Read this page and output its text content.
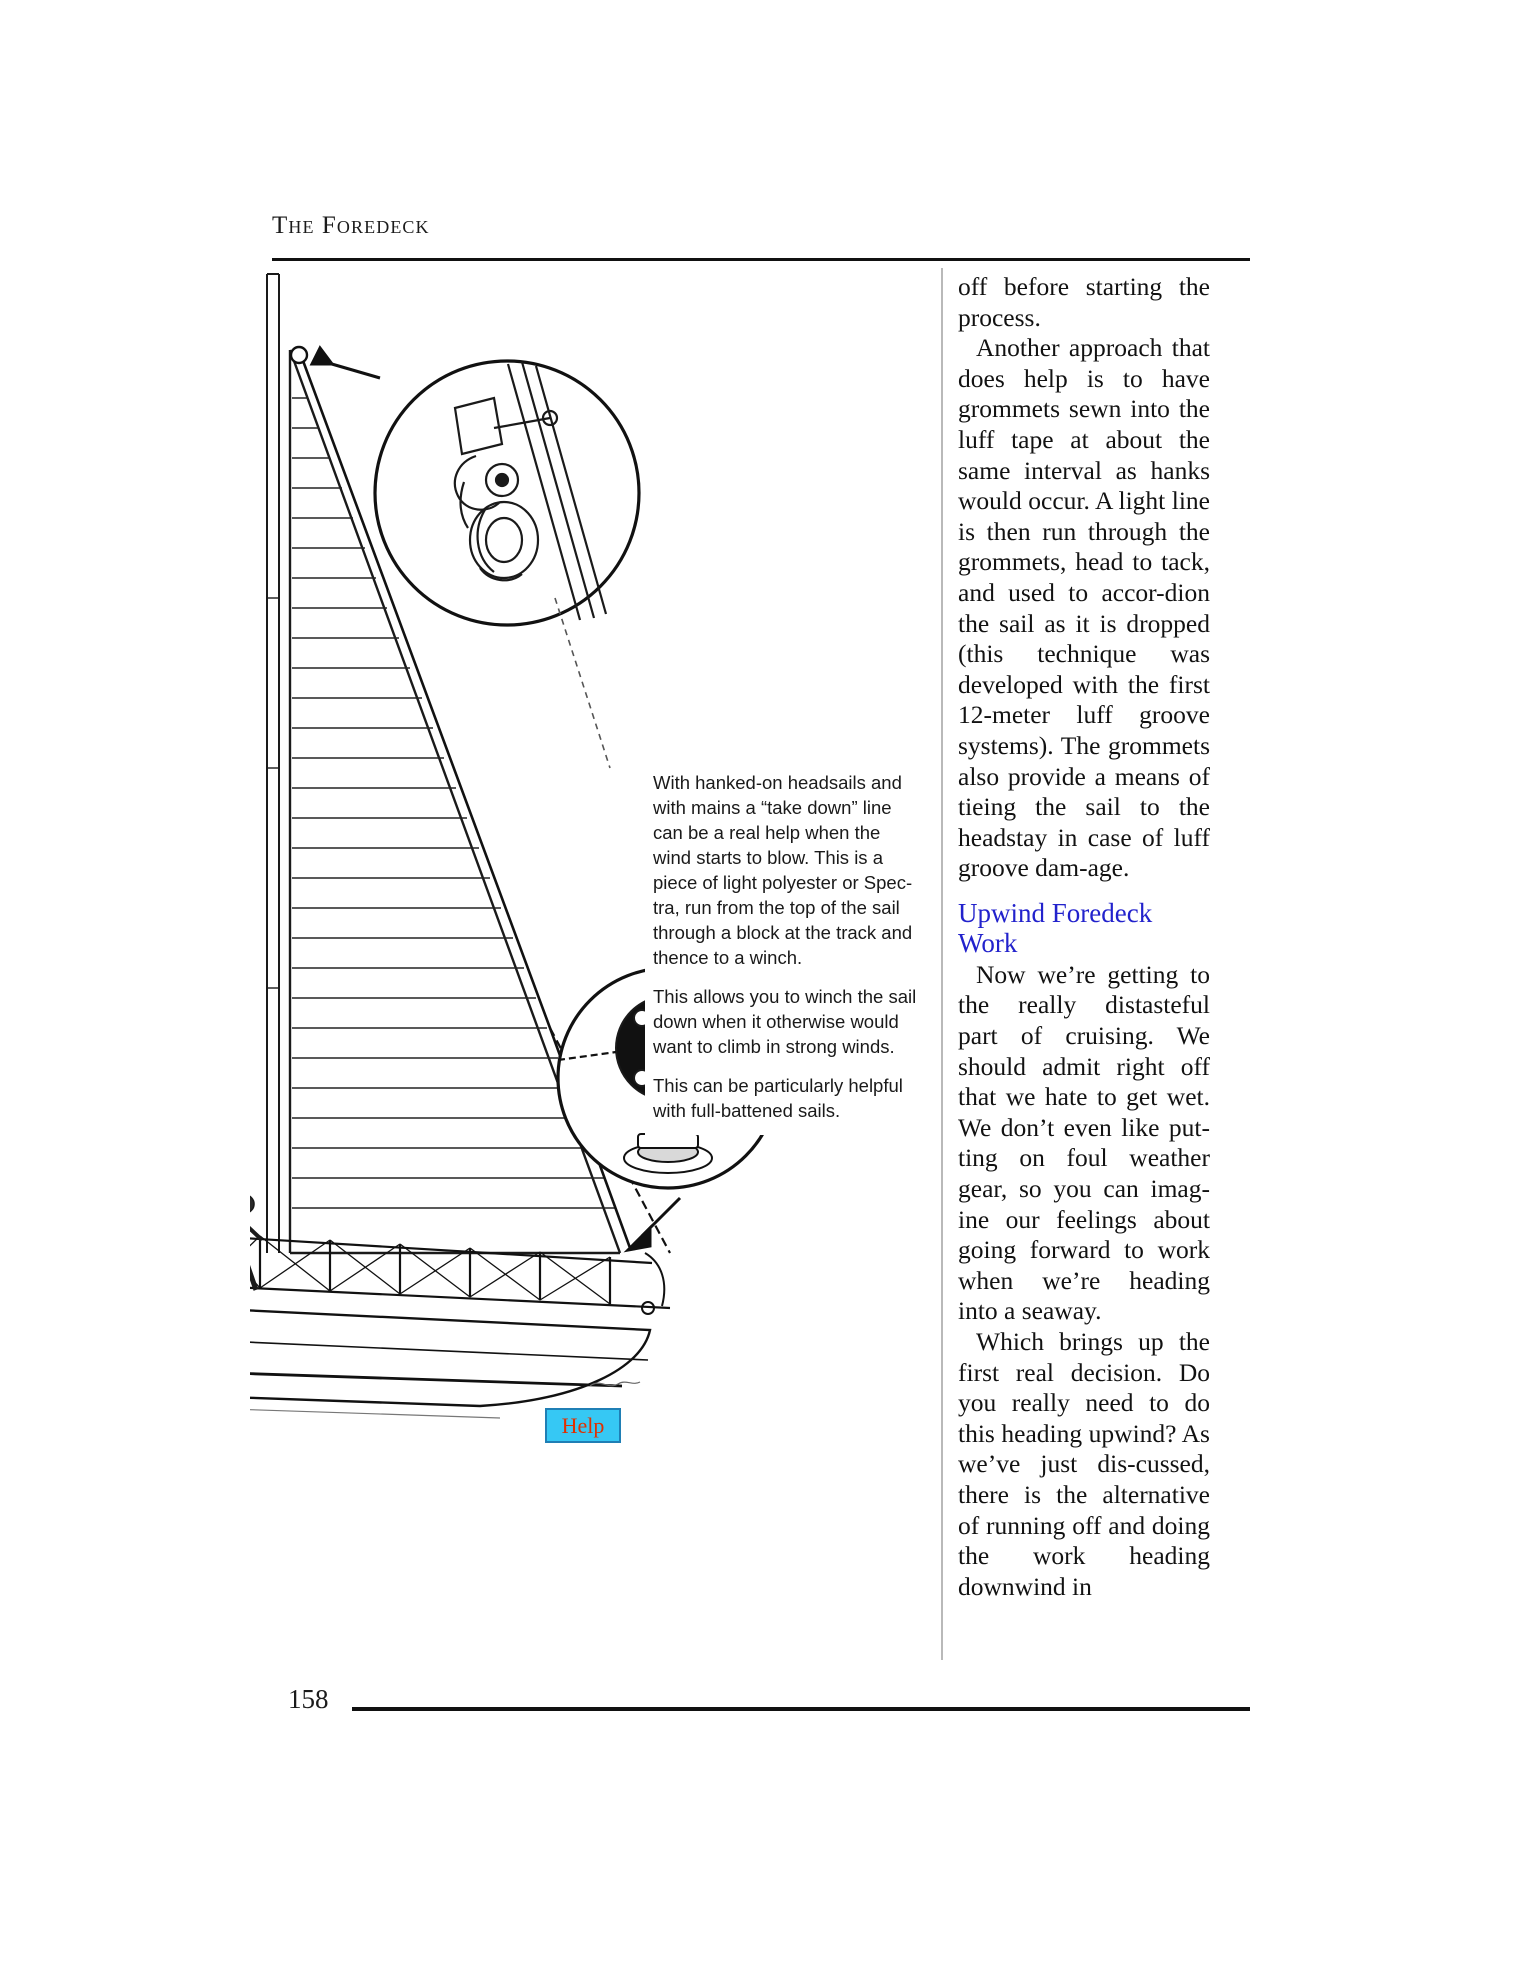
The Foredeck

With hanked-on headsails and with mains a “take down” line can be a real help when the wind starts to blow. This is a piece of light polyester or Spec-tra, run from the top of the sail through a block at the track and thence to a winch.

This allows you to winch the sail down when it otherwise would want to climb in strong winds.

This can be particularly helpful with full-battened sails.

off before starting the process.

Another approach that does help is to have grommets sewn into the luff tape at about the same interval as hanks would occur. A light line is then run through the grommets, head to tack, and used to accor-dion the sail as it is dropped (this technique was developed with the first 12-meter luff groove systems). The grommets also provide a means of tieing the sail to the headstay in case of luff groove dam-age.

Upwind Foredeck Work

Now we’re getting to the really distasteful part of cruising. We should admit right off that we hate to get wet. We don’t even like put-ting on foul weather gear, so you can imag-ine our feelings about going forward to work when we’re heading into a seaway.

Which brings up the first real decision. Do you really need to do this heading upwind? As we’ve just dis-cussed, there is the alternative of running off and doing the work heading downwind in

158
Help
